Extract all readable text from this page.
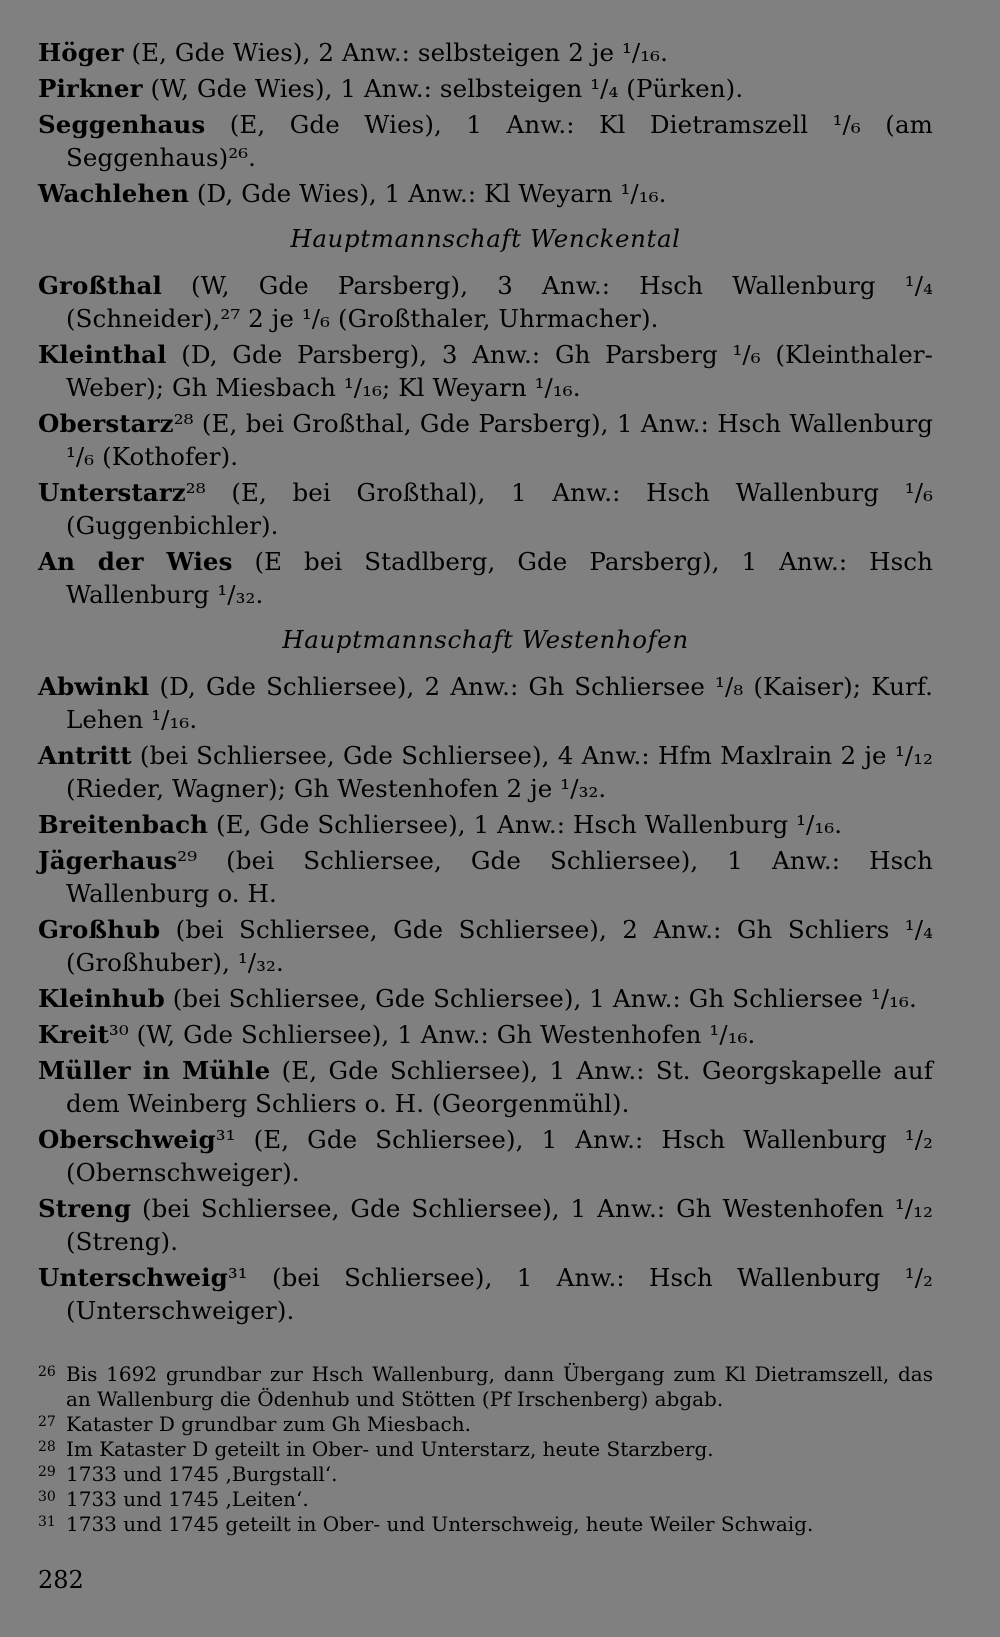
Höger (E, Gde Wies), 2 Anw.: selbsteigen 2 je ¹/₁₆.
Pirkner (W, Gde Wies), 1 Anw.: selbsteigen ¹/₄ (Pürken).
Seggenhaus (E, Gde Wies), 1 Anw.: Kl Dietramszell ¹/₆ (am Seggenhaus)²⁶.
Wachlehen (D, Gde Wies), 1 Anw.: Kl Weyarn ¹/₁₆.
Hauptmannschaft Wenckental
Großthal (W, Gde Parsberg), 3 Anw.: Hsch Wallenburg ¹/₄ (Schneider),²⁷ 2 je ¹/₆ (Großthaler, Uhrmacher).
Kleinthal (D, Gde Parsberg), 3 Anw.: Gh Parsberg ¹/₆ (Kleinthaler-Weber); Gh Miesbach ¹/₁₆; Kl Weyarn ¹/₁₆.
Oberstarz²⁸ (E, bei Großthal, Gde Parsberg), 1 Anw.: Hsch Wallenburg ¹/₆ (Kothofer).
Unterstarz²⁸ (E, bei Großthal), 1 Anw.: Hsch Wallenburg ¹/₆ (Guggenbichler).
An der Wies (E bei Stadlberg, Gde Parsberg), 1 Anw.: Hsch Wallenburg ¹/₃₂.
Hauptmannschaft Westenhofen
Abwinkl (D, Gde Schliersee), 2 Anw.: Gh Schliersee ¹/₈ (Kaiser); Kurf. Lehen ¹/₁₆.
Antritt (bei Schliersee, Gde Schliersee), 4 Anw.: Hfm Maxlrain 2 je ¹/₁₂ (Rieder, Wagner); Gh Westenhofen 2 je ¹/₃₂.
Breitenbach (E, Gde Schliersee), 1 Anw.: Hsch Wallenburg ¹/₁₆.
Jägerhaus²⁹ (bei Schliersee, Gde Schliersee), 1 Anw.: Hsch Wallenburg o. H.
Großhub (bei Schliersee, Gde Schliersee), 2 Anw.: Gh Schliers ¹/₄ (Großhuber), ¹/₃₂.
Kleinhub (bei Schliersee, Gde Schliersee), 1 Anw.: Gh Schliersee ¹/₁₆.
Kreit³⁰ (W, Gde Schliersee), 1 Anw.: Gh Westenhofen ¹/₁₆.
Müller in Mühle (E, Gde Schliersee), 1 Anw.: St. Georgskapelle auf dem Weinberg Schliers o. H. (Georgenmühl).
Oberschweig³¹ (E, Gde Schliersee), 1 Anw.: Hsch Wallenburg ¹/₂ (Obernschweiger).
Streng (bei Schliersee, Gde Schliersee), 1 Anw.: Gh Westenhofen ¹/₁₂ (Streng).
Unterschweig³¹ (bei Schliersee), 1 Anw.: Hsch Wallenburg ¹/₂ (Unterschweiger).
26 Bis 1692 grundbar zur Hsch Wallenburg, dann Übergang zum Kl Dietramszell, das an Wallenburg die Ödenhub und Stötten (Pf Irschenberg) abgab.
27 Kataster D grundbar zum Gh Miesbach.
28 Im Kataster D geteilt in Ober- und Unterstarz, heute Starzberg.
29 1733 und 1745 ‚Burgstall‘.
30 1733 und 1745 ‚Leiten‘.
31 1733 und 1745 geteilt in Ober- und Unterschweig, heute Weiler Schwaig.
282
